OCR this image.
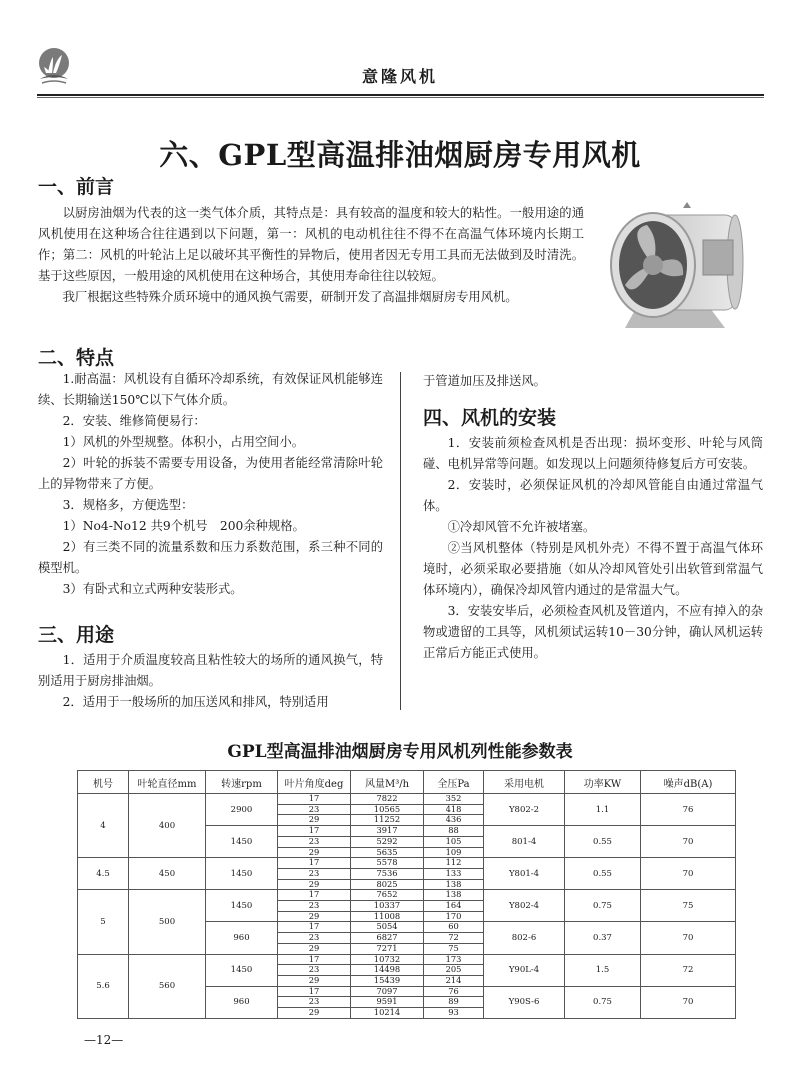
意隆风机
六、GPL型高温排油烟厨房专用风机
一、前言

以厨房油烟为代表的这一类气体介质，其特点是：具有较高的温度和较大的粘性。一般用途的通风机使用在这种场合往往遇到以下问题，第一：风机的电动机往往不得不在高温气体环境内长期工作；第二：风机的叶轮沾上足以破坏其平衡性的异物后，使用者因无专用工具而无法做到及时清洗。基于这些原因，一般用途的风机使用在这种场合，其使用寿命往往以较短。

我厂根据这些特殊介质环境中的通风换气需要，研制开发了高温排烟厨房专用风机。

二、特点

1.耐高温：风机设有自循环冷却系统，有效保证风机能够连续、长期输送150℃以下气体介质。

2．安装、维修简便易行：

1）风机的外型规整。体积小，占用空间小。

2）叶轮的拆装不需要专用设备，为使用者能经常清除叶轮上的异物带来了方便。

3．规格多，方便选型：

1）No4-No12 共9个机号　200余种规格。

2）有三类不同的流量系数和压力系数范围，系三种不同的模型机。

3）有卧式和立式两种安装形式。

三、用途

1．适用于介质温度较高且粘性较大的场所的通风换气，特别适用于厨房排油烟。

2．适用于一般场所的加压送风和排风，特别适用

于管道加压及排送风。
四、风机的安装

1．安装前须检查风机是否出现：损坏变形、叶轮与风筒碰、电机异常等问题。如发现以上问题须待修复后方可安装。

2．安装时，必须保证风机的冷却风管能自由通过常温气体。

①冷却风管不允许被堵塞。

②当风机整体（特别是风机外壳）不得不置于高温气体环境时，必须采取必要措施（如从冷却风管处引出软管到常温气体环境内），确保冷却风管内通过的是常温大气。

3．安装安毕后，必须检查风机及管道内，不应有掉入的杂物或遗留的工具等，风机须试运转10－30分钟，确认风机运转正常后方能正式使用。

GPL型高温排油烟厨房专用风机列性能参数表
机号	叶轮直径mm	转速rpm	叶片角度deg	风量M³/h	全压Pa	采用电机	功率KW	噪声dB(A)
4	400	2900	17	7822	352	Y802-2	1.1	76
			23	10565	418			
			29	11252	436			
		1450	17	3917	88	801-4	0.55	70
			23	5292	105			
			29	5635	109			
4.5	450	1450	17	5578	112	Y801-4	0.55	70
			23	7536	133			
			29	8025	138			
5	500	1450	17	7652	138	Y802-4	0.75	75
			23	10337	164			
			29	11008	170			
		960	17	5054	60	802-6	0.37	70
			23	6827	72			
			29	7271	75			
5.6	560	1450	17	10732	173	Y90L-4	1.5	72
			23	14498	205			
			29	15439	214			
		960	17	7097	76	Y90S-6	0.75	70
			23	9591	89			
			29	10214	93			
—12—
